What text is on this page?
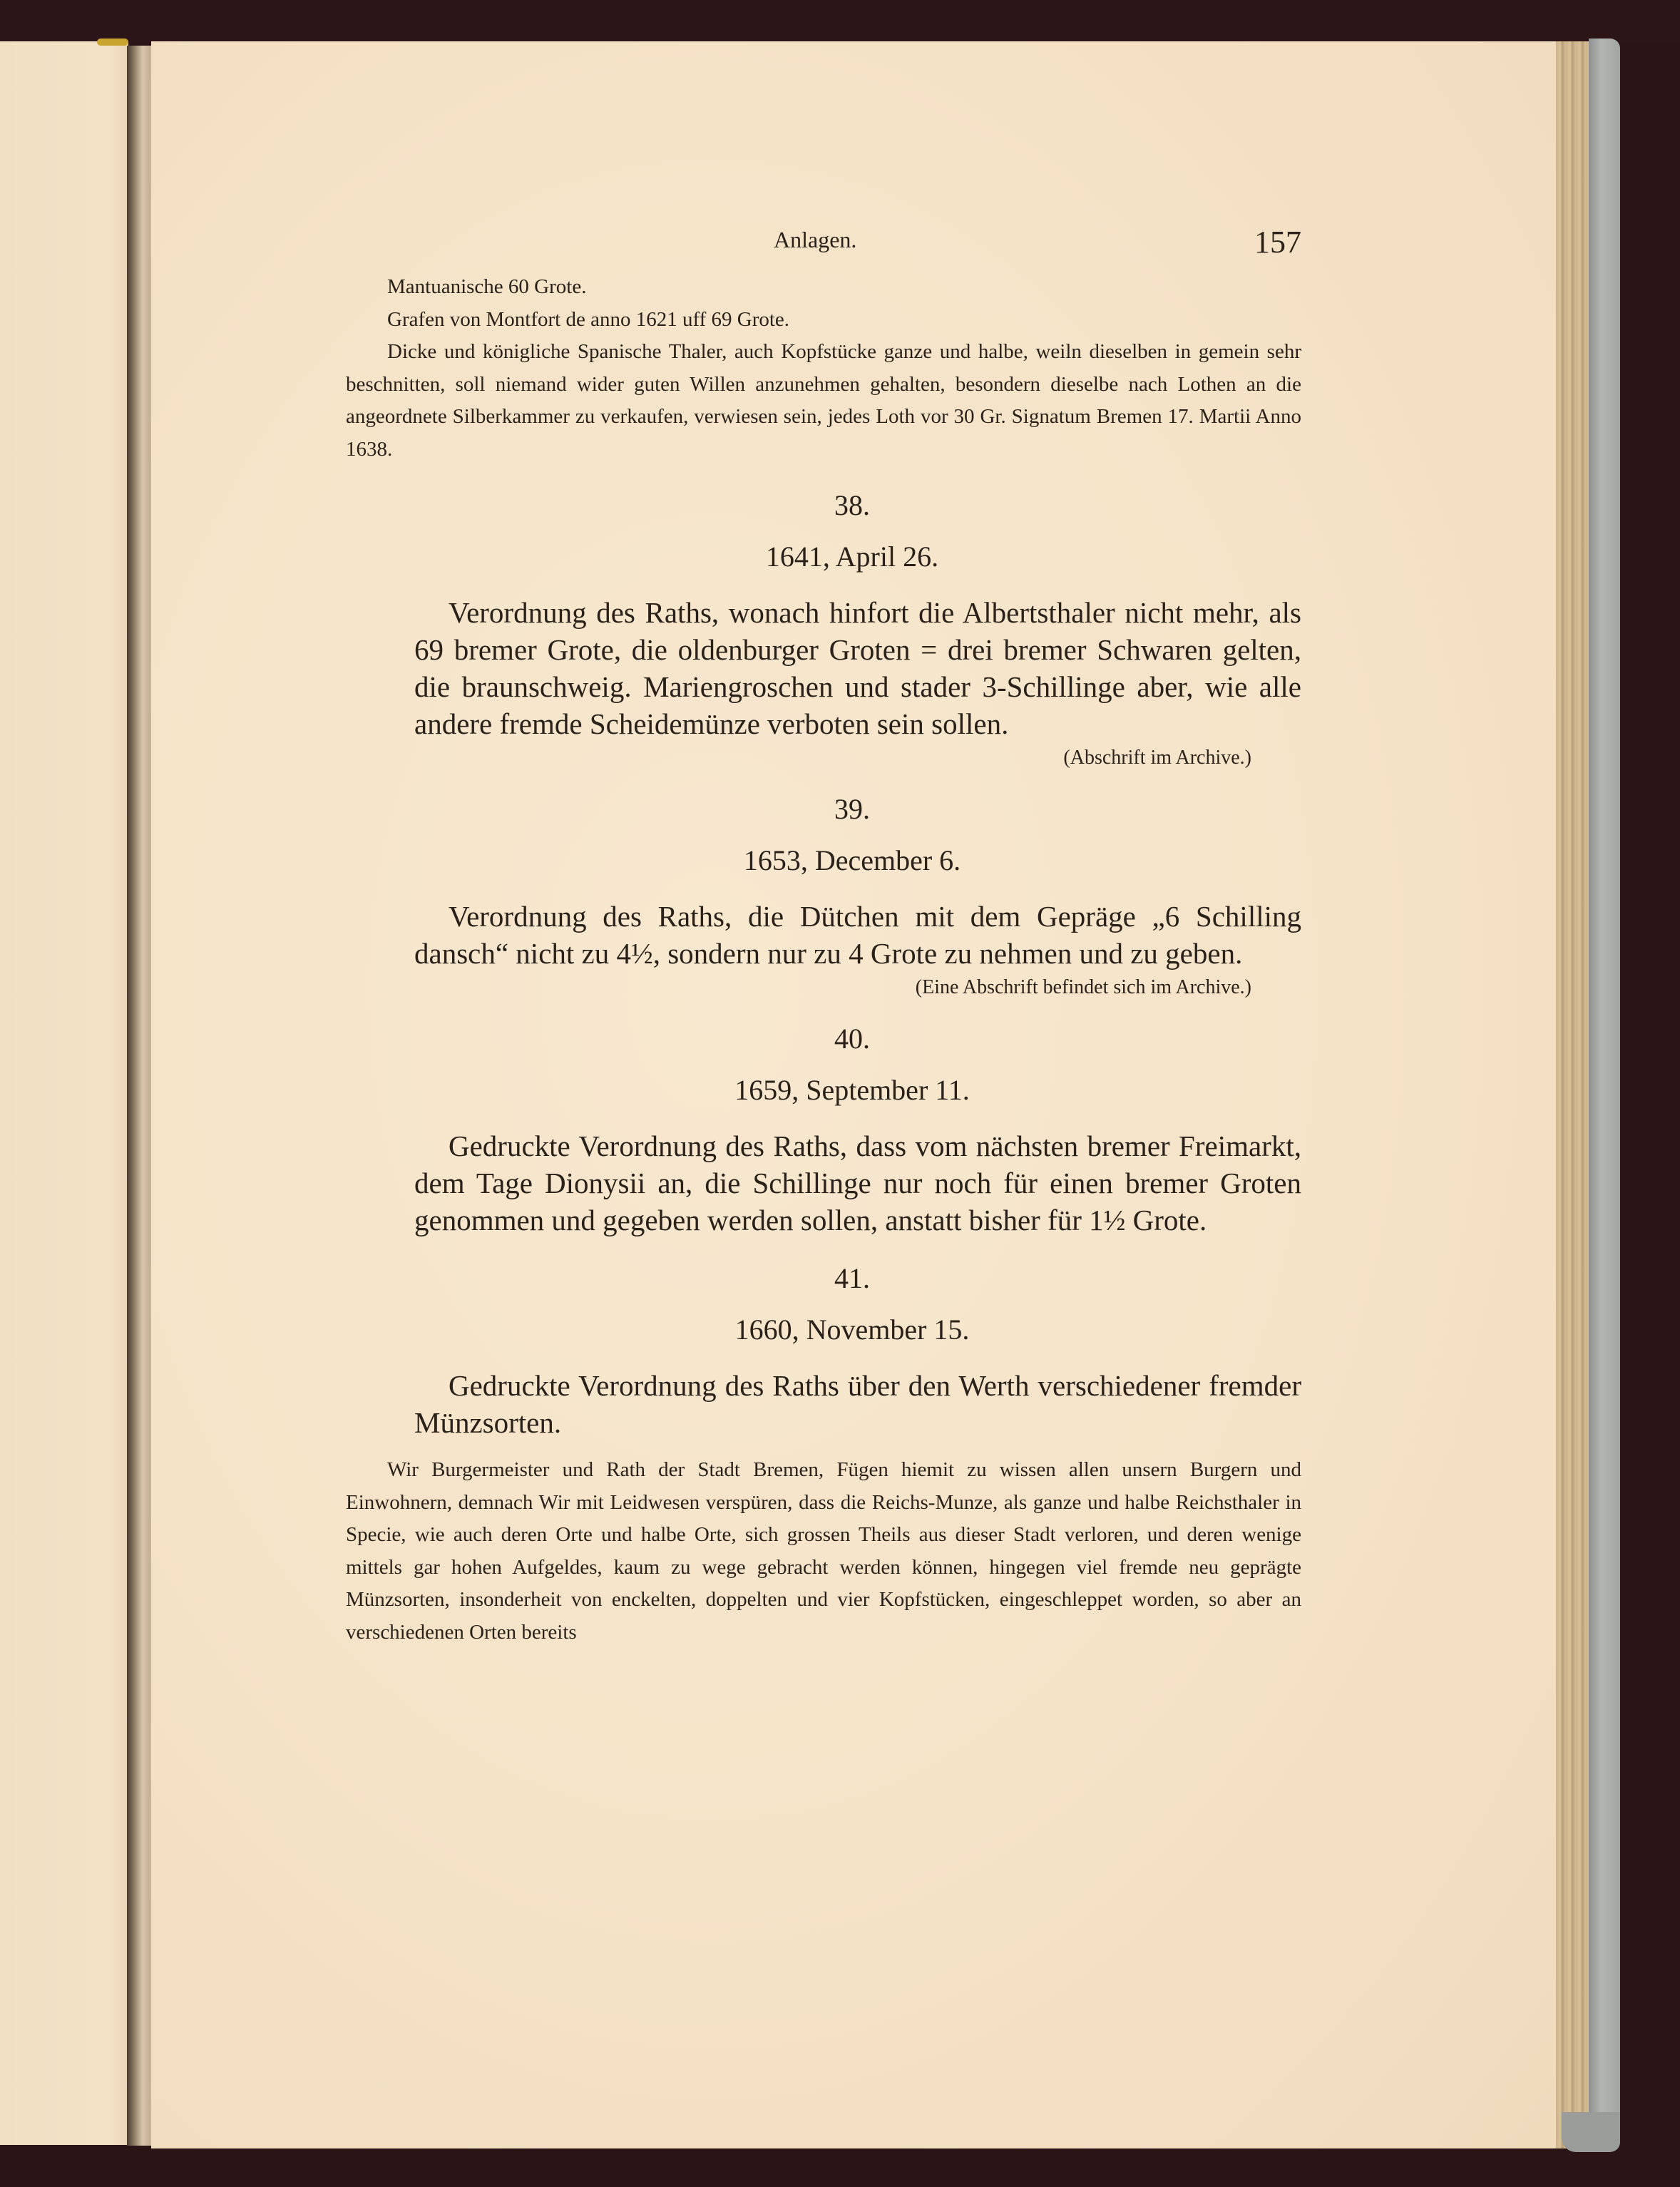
Anlagen.	157
Mantuanische 60 Grote.
Grafen von Montfort de anno 1621 uff 69 Grote.

Dicke und königliche Spanische Thaler, auch Kopfstücke ganze und halbe, weiln dieselben in gemein sehr beschnitten, soll niemand wider guten Willen anzunehmen gehalten, besondern dieselbe nach Lothen an die angeordnete Silberkammer zu verkaufen, verwiesen sein, jedes Loth vor 30 Gr. Signatum Bremen 17. Martii Anno 1638.

38.
1641, April 26.

Verordnung des Raths, wonach hinfort die Albertsthaler nicht mehr, als 69 bremer Grote, die oldenburger Groten = drei bremer Schwaren gelten, die braunschweig. Mariengroschen und stader 3-Schillinge aber, wie alle andere fremde Scheidemünze verboten sein sollen.

(Abschrift im Archive.)
39.
1653, December 6.

Verordnung des Raths, die Dütchen mit dem Gepräge „6 Schilling dansch“ nicht zu 4½, sondern nur zu 4 Grote zu nehmen und zu geben.

(Eine Abschrift befindet sich im Archive.)
40.
1659, September 11.

Gedruckte Verordnung des Raths, dass vom nächsten bremer Freimarkt, dem Tage Dionysii an, die Schillinge nur noch für einen bremer Groten genommen und gegeben werden sollen, anstatt bisher für 1½ Grote.

41.
1660, November 15.

Gedruckte Verordnung des Raths über den Werth verschiedener fremder Münzsorten.

Wir Burgermeister und Rath der Stadt Bremen, Fügen hiemit zu wissen allen unsern Burgern und Einwohnern, demnach Wir mit Leidwesen verspüren, dass die Reichs-Munze, als ganze und halbe Reichsthaler in Specie, wie auch deren Orte und halbe Orte, sich grossen Theils aus dieser Stadt verloren, und deren wenige mittels gar hohen Aufgeldes, kaum zu wege gebracht werden können, hingegen viel fremde neu geprägte Münzsorten, insonderheit von enckelten, doppelten und vier Kopfstücken, eingeschleppet worden, so aber an verschiedenen Orten bereits
